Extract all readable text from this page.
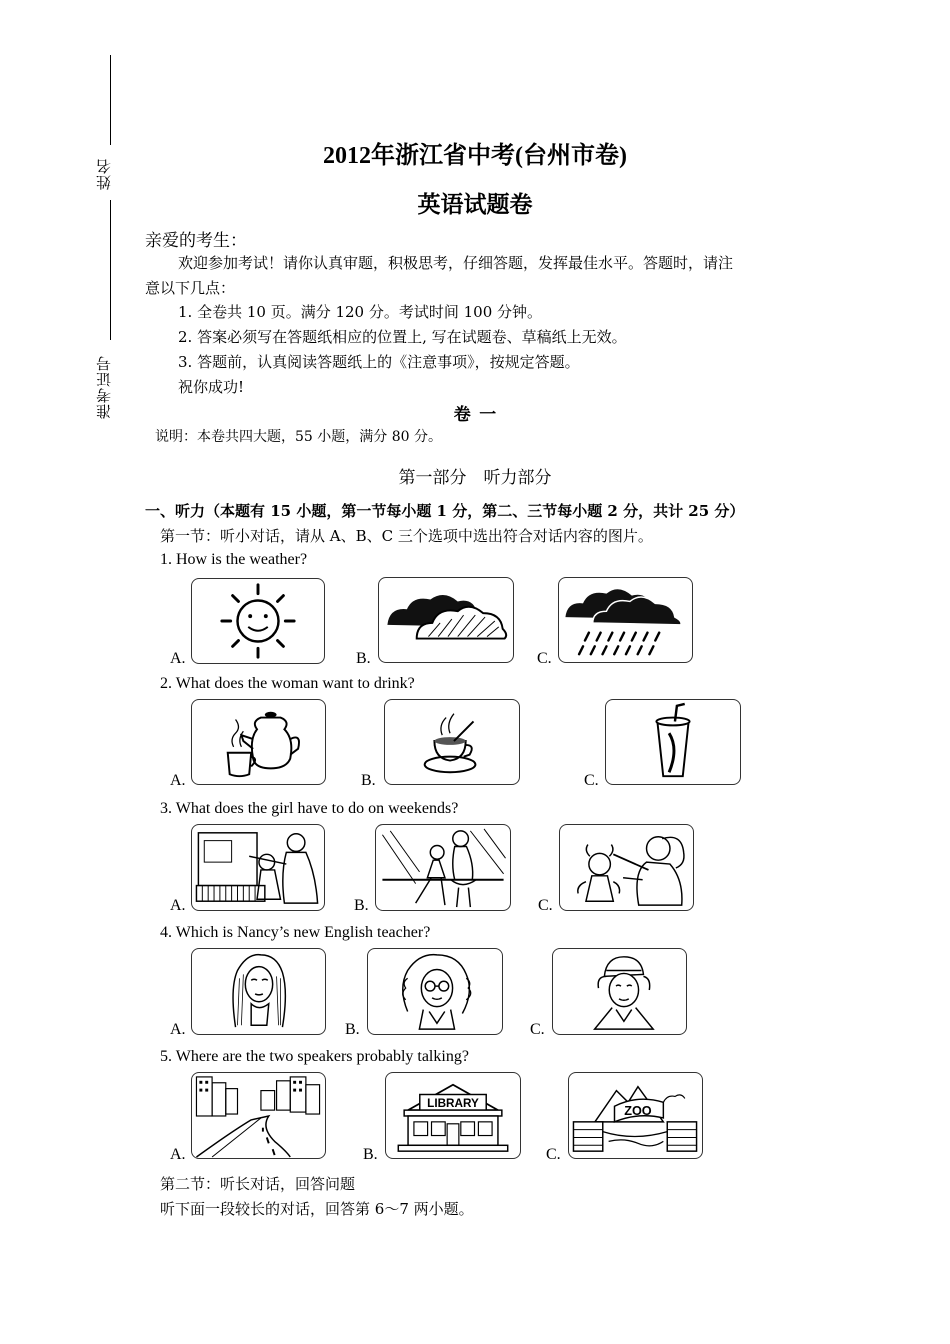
姓名
准考证号
2012年浙江省中考(台州市卷)
英语试题卷
亲爱的考生：
欢迎参加考试！请你认真审题，积极思考，仔细答题，发挥最佳水平。答题时，请注
意以下几点：
1. 全卷共 10 页。满分 120 分。考试时间 100 分钟。
2. 答案必须写在答题纸相应的位置上, 写在试题卷、草稿纸上无效。
3. 答题前，认真阅读答题纸上的《注意事项》，按规定答题。
祝你成功!
卷  一
说明：本卷共四大题，55 小题，满分 80 分。
第一部分    听力部分
一、听力（本题有 15 小题，第一节每小题 1 分，第二、三节每小题 2 分，共计 25 分）
第一节：听小对话，请从 A、B、C 三个选项中选出符合对话内容的图片。
1. How is the weather?
A.	B.	C.
2. What does the woman want to drink?
A.	B.	C.
3. What does the girl have to do on weekends?
A.	B.	C.
4. Which is Nancy’s new English teacher?
A.	B.	C.
5. Where are the two speakers probably talking?
A.	B.
LIBRARY
C.
ZOO
第二节：听长对话，回答问题
听下面一段较长的对话，回答第 6～7 两小题。
